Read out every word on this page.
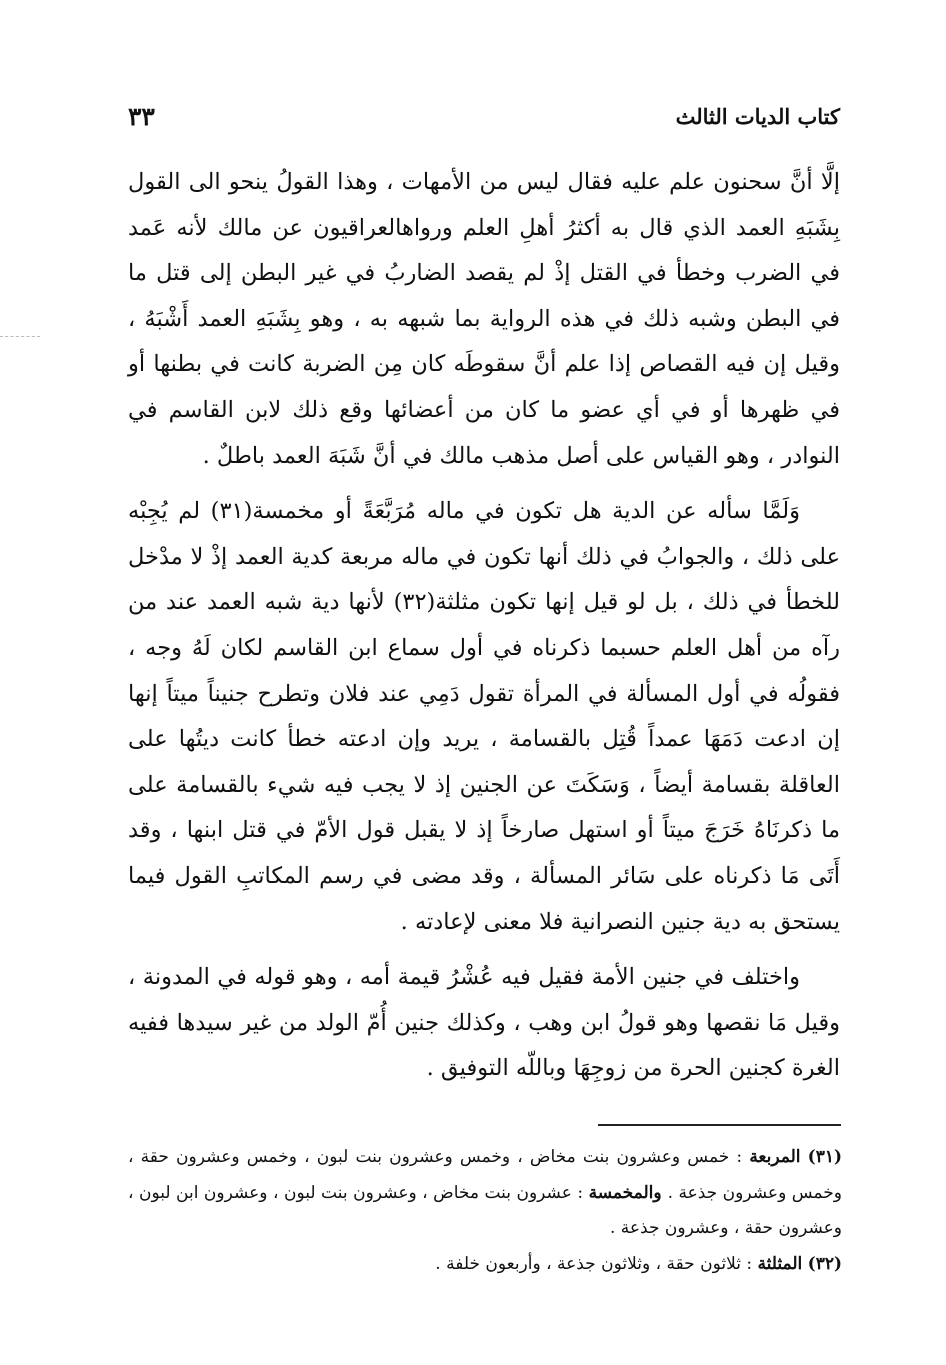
كتاب الديات الثالث
٣٣

إلَّا أنَّ سحنون علم عليه فقال ليس من الأمهات ، وهذا القولُ ينحو الى القول بِشَبَهِ العمد الذي قال به أكثرُ أهلِ العلم ورواهالعراقيون عن مالك لأنه عَمد في الضرب وخطأ في القتل إذْ لم يقصد الضاربُ في غير البطن إلى قتل ما في البطن وشبه ذلك في هذه الرواية بما شبهه به ، وهو بِشَبَهِ العمد أَشْبَهُ ، وقيل إن فيه القصاص إذا علم أنَّ سقوطَه كان مِن الضربة كانت في بطنها أو في ظهرها أو في أي عضو ما كان من أعضائها وقع ذلك لابن القاسم في النوادر ، وهو القياس على أصل مذهب مالك في أنَّ شَبَهَ العمد باطلٌ .

وَلَمَّا سأله عن الدية هل تكون في ماله مُرَبَّعَةً أو مخمسة(٣١) لم يُجِبْه على ذلك ، والجوابُ في ذلك أنها تكون في ماله مربعة كدية العمد إذْ لا مدْخل للخطأ في ذلك ، بل لو قيل إنها تكون مثلثة(٣٢) لأنها دية شبه العمد عند من رآه من أهل العلم حسبما ذكرناه في أول سماع ابن القاسم لكان لَهُ وجه ، فقولُه في أول المسألة في المرأة تقول دَمِي عند فلان وتطرح جنيناً ميتاً إنها إن ادعت دَمَهَا عمداً قُتِل بالقسامة ، يريد وإن ادعته خطأ كانت ديتُها على العاقلة بقسامة أيضاً ، وَسَكَتَ عن الجنين إذ لا يجب فيه شيء بالقسامة على ما ذكرنَاهُ خَرَجَ ميتاً أو استهل صارخاً إذ لا يقبل قول الأمّ في قتل ابنها ، وقد أَتَى مَا ذكرناه على سَائر المسألة ، وقد مضى في رسم المكاتبِ القول فيما يستحق به دية جنين النصرانية فلا معنى لإعادته .

واختلف في جنين الأمة فقيل فيه عُشْرُ قيمة أمه ، وهو قوله في المدونة ، وقيل مَا نقصها وهو قولُ ابن وهب ، وكذلك جنين أُمّ الولد من غير سيدها ففيه الغرة كجنين الحرة من زوجِهَا وباللّه التوفيق .

(٣١) المربعة : خمس وعشرون بنت مخاض ، وخمس وعشرون بنت لبون ، وخمس وعشرون حقة ، وخمس وعشرون جذعة . والمخمسة : عشرون بنت مخاض ، وعشرون بنت لبون ، وعشرون ابن لبون ، وعشرون حقة ، وعشرون جذعة .

(٣٢) المثلثة : ثلاثون حقة ، وثلاثون جذعة ، وأربعون خلفة .
